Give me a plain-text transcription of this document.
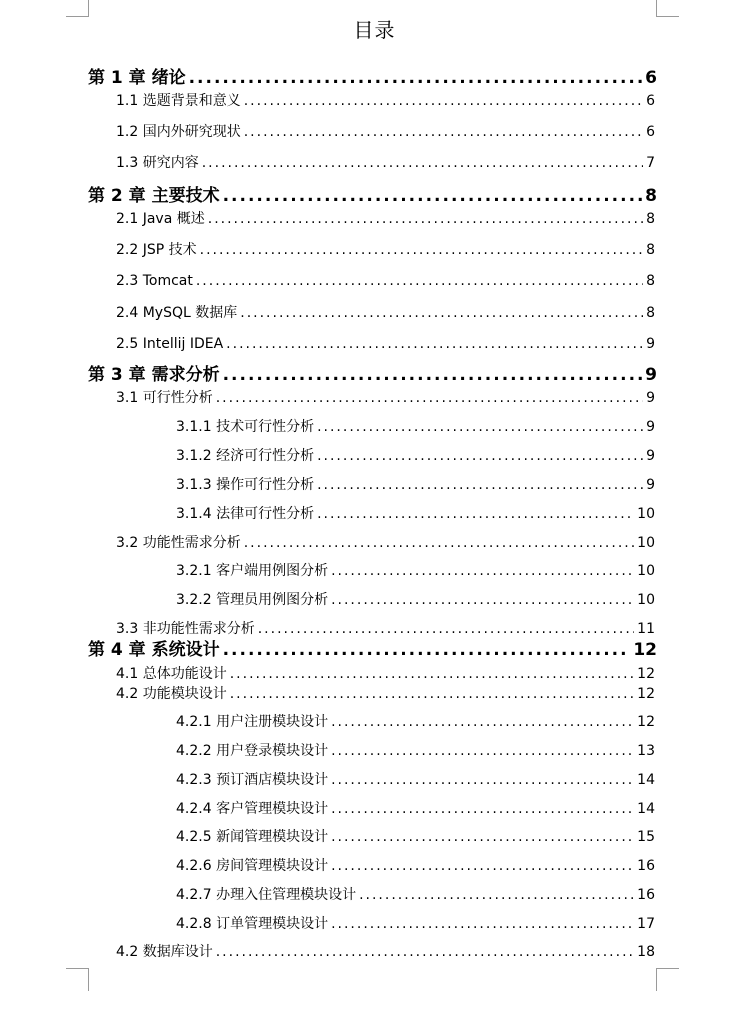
目录
第 1 章 绪论 .....	6
1.1 选题背景和意义 .....	6
1.2 国内外研究现状 .....	6
1.3 研究内容 .....	7
第 2 章 主要技术 .....	8
2.1 Java 概述 .....	8
2.2 JSP 技术 .....	8
2.3 Tomcat .....	8
2.4 MySQL 数据库 .....	8
2.5 Intellij IDEA .....	9
第 3 章 需求分析 .....	9
3.1 可行性分析 .....	9
3.1.1 技术可行性分析 .....	9
3.1.2 经济可行性分析 .....	9
3.1.3 操作可行性分析 .....	9
3.1.4 法律可行性分析 .....	10
3.2 功能性需求分析 .....	10
3.2.1 客户端用例图分析 .....	10
3.2.2 管理员用例图分析 .....	10
3.3 非功能性需求分析 .....	11
第 4 章 系统设计 .....	12
4.1 总体功能设计 .....	12
4.2 功能模块设计 .....	12
4.2.1 用户注册模块设计 .....	12
4.2.2 用户登录模块设计 .....	13
4.2.3 预订酒店模块设计 .....	14
4.2.4 客户管理模块设计 .....	14
4.2.5 新闻管理模块设计 .....	15
4.2.6 房间管理模块设计 .....	16
4.2.7 办理入住管理模块设计 .....	16
4.2.8 订单管理模块设计 .....	17
4.2 数据库设计 .....	18
